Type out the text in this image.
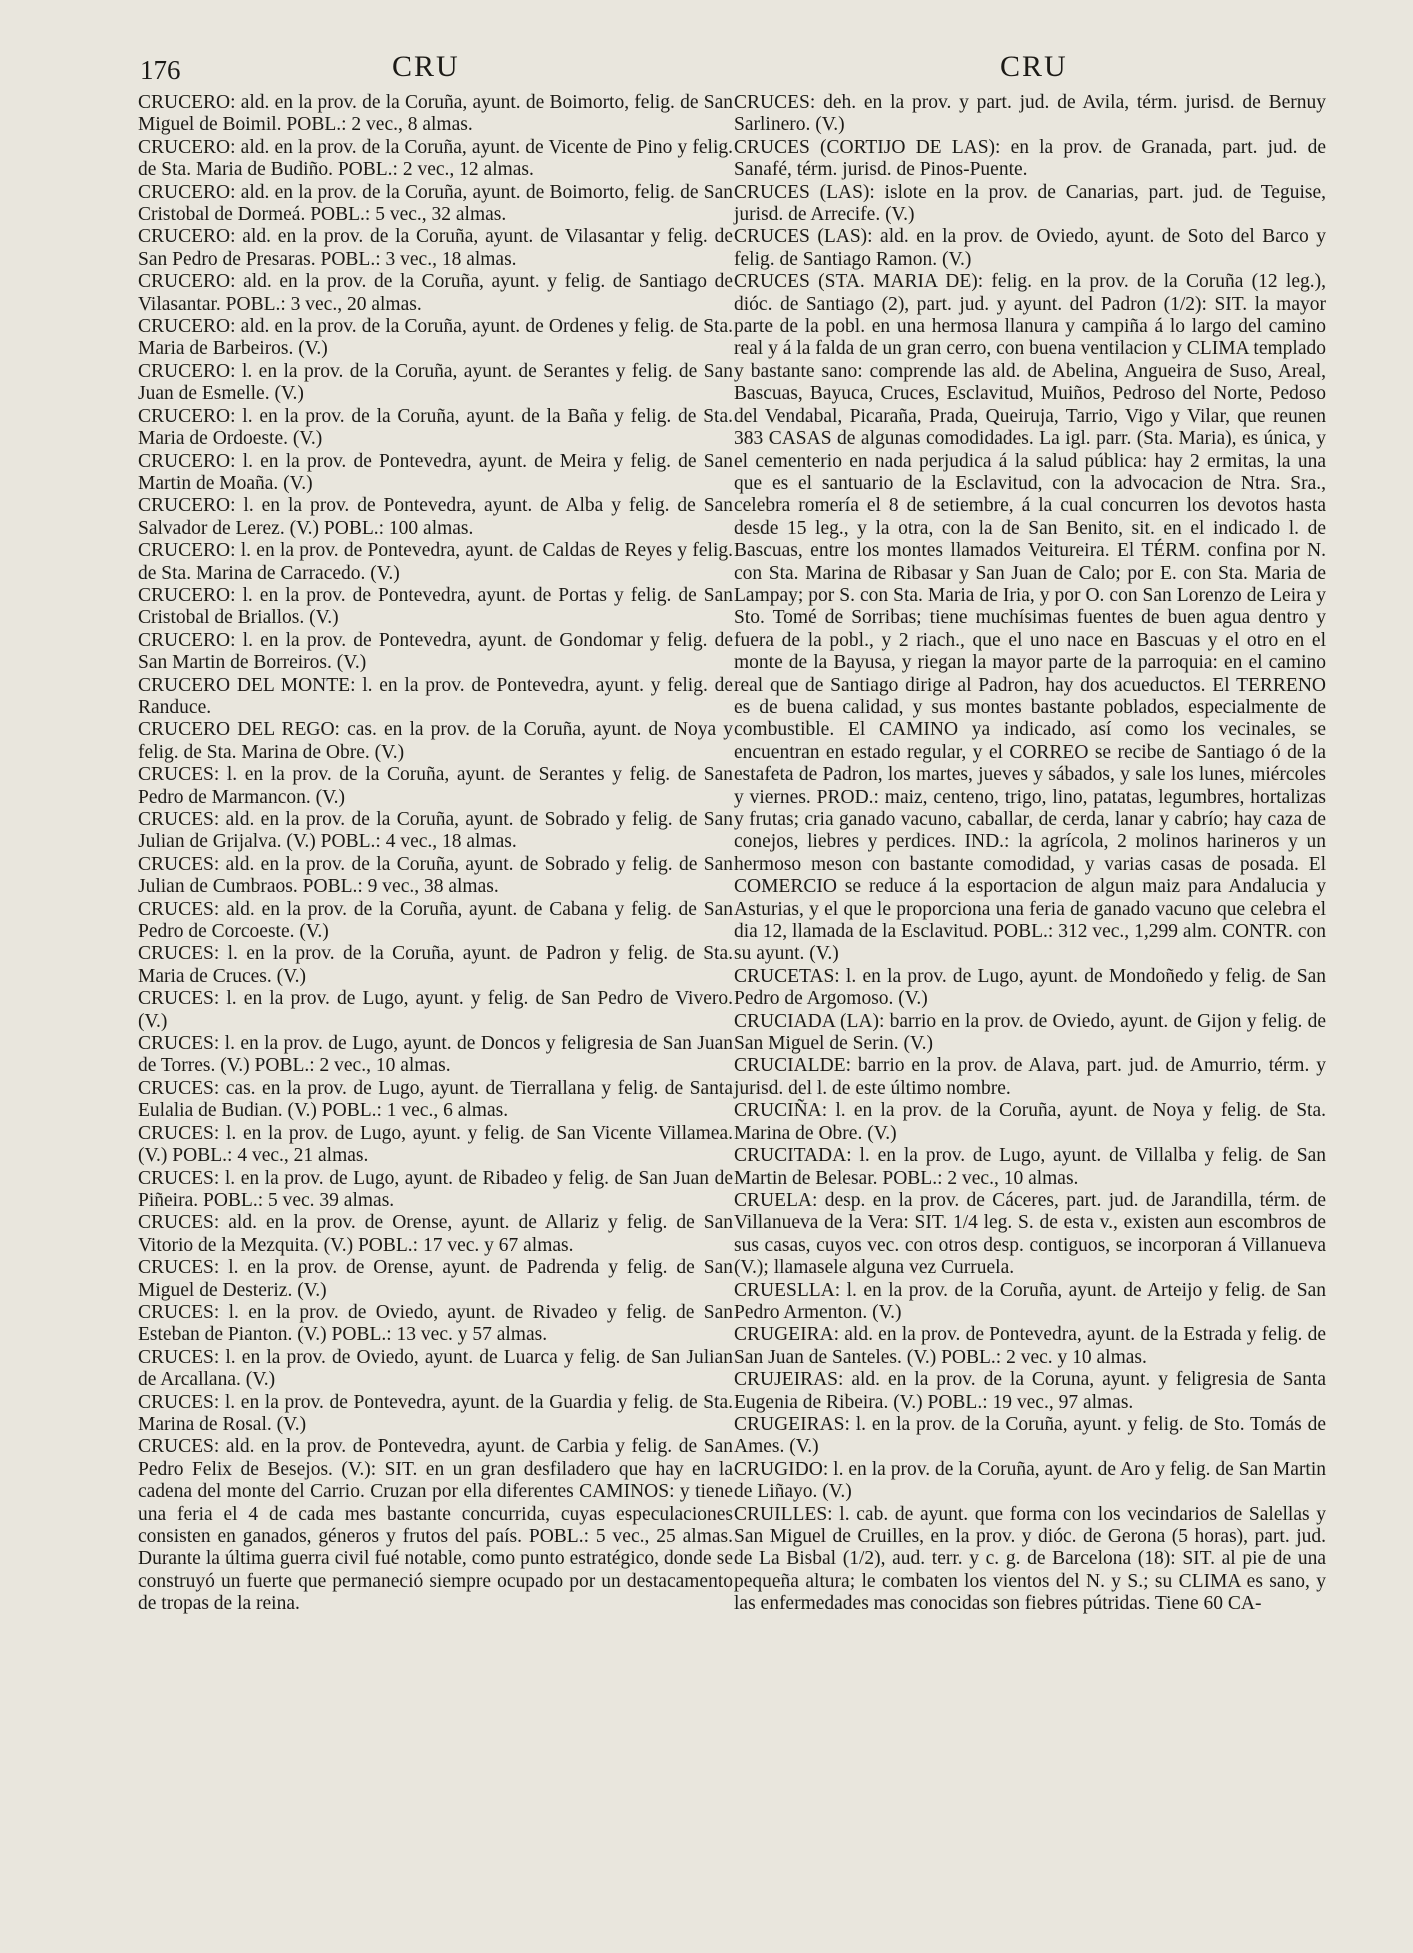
176	CRU	CRU

CRUCERO: ald. en la prov. de la Coruña, ayunt. de Boimorto, felig. de San Miguel de Boimil. POBL.: 2 vec., 8 almas.

CRUCERO: ald. en la prov. de la Coruña, ayunt. de Vicente de Pino y felig. de Sta. Maria de Budiño. POBL.: 2 vec., 12 almas.

CRUCERO: ald. en la prov. de la Coruña, ayunt. de Boimorto, felig. de San Cristobal de Dormeá. POBL.: 5 vec., 32 almas.

CRUCERO: ald. en la prov. de la Coruña, ayunt. de Vilasantar y felig. de San Pedro de Presaras. POBL.: 3 vec., 18 almas.

CRUCERO: ald. en la prov. de la Coruña, ayunt. y felig. de Santiago de Vilasantar. POBL.: 3 vec., 20 almas.

CRUCERO: ald. en la prov. de la Coruña, ayunt. de Ordenes y felig. de Sta. Maria de Barbeiros. (V.)

CRUCERO: l. en la prov. de la Coruña, ayunt. de Serantes y felig. de San Juan de Esmelle. (V.)

CRUCERO: l. en la prov. de la Coruña, ayunt. de la Baña y felig. de Sta. Maria de Ordoeste. (V.)

CRUCERO: l. en la prov. de Pontevedra, ayunt. de Meira y felig. de San Martin de Moaña. (V.)

CRUCERO: l. en la prov. de Pontevedra, ayunt. de Alba y felig. de San Salvador de Lerez. (V.) POBL.: 100 almas.

CRUCERO: l. en la prov. de Pontevedra, ayunt. de Caldas de Reyes y felig. de Sta. Marina de Carracedo. (V.)

CRUCERO: l. en la prov. de Pontevedra, ayunt. de Portas y felig. de San Cristobal de Briallos. (V.)

CRUCERO: l. en la prov. de Pontevedra, ayunt. de Gondomar y felig. de San Martin de Borreiros. (V.)

CRUCERO DEL MONTE: l. en la prov. de Pontevedra, ayunt. y felig. de Randuce.

CRUCERO DEL REGO: cas. en la prov. de la Coruña, ayunt. de Noya y felig. de Sta. Marina de Obre. (V.)

CRUCES: l. en la prov. de la Coruña, ayunt. de Serantes y felig. de San Pedro de Marmancon. (V.)

CRUCES: ald. en la prov. de la Coruña, ayunt. de Sobrado y felig. de San Julian de Grijalva. (V.) POBL.: 4 vec., 18 almas.

CRUCES: ald. en la prov. de la Coruña, ayunt. de Sobrado y felig. de San Julian de Cumbraos. POBL.: 9 vec., 38 almas.

CRUCES: ald. en la prov. de la Coruña, ayunt. de Cabana y felig. de San Pedro de Corcoeste. (V.)

CRUCES: l. en la prov. de la Coruña, ayunt. de Padron y felig. de Sta. Maria de Cruces. (V.)

CRUCES: l. en la prov. de Lugo, ayunt. y felig. de San Pedro de Vivero. (V.)

CRUCES: l. en la prov. de Lugo, ayunt. de Doncos y feligresia de San Juan de Torres. (V.) POBL.: 2 vec., 10 almas.

CRUCES: cas. en la prov. de Lugo, ayunt. de Tierrallana y felig. de Santa Eulalia de Budian. (V.) POBL.: 1 vec., 6 almas.

CRUCES: l. en la prov. de Lugo, ayunt. y felig. de San Vicente Villamea. (V.) POBL.: 4 vec., 21 almas.

CRUCES: l. en la prov. de Lugo, ayunt. de Ribadeo y felig. de San Juan de Piñeira. POBL.: 5 vec. 39 almas.

CRUCES: ald. en la prov. de Orense, ayunt. de Allariz y felig. de San Vitorio de la Mezquita. (V.) POBL.: 17 vec. y 67 almas.

CRUCES: l. en la prov. de Orense, ayunt. de Padrenda y felig. de San Miguel de Desteriz. (V.)

CRUCES: l. en la prov. de Oviedo, ayunt. de Rivadeo y felig. de San Esteban de Pianton. (V.) POBL.: 13 vec. y 57 almas.

CRUCES: l. en la prov. de Oviedo, ayunt. de Luarca y felig. de San Julian de Arcallana. (V.)

CRUCES: l. en la prov. de Pontevedra, ayunt. de la Guardia y felig. de Sta. Marina de Rosal. (V.)

CRUCES: ald. en la prov. de Pontevedra, ayunt. de Carbia y felig. de San Pedro Felix de Besejos. (V.): SIT. en un gran desfiladero que hay en la cadena del monte del Carrio. Cruzan por ella diferentes CAMINOS: y tiene una feria el 4 de cada mes bastante concurrida, cuyas especulaciones consisten en ganados, géneros y frutos del país. POBL.: 5 vec., 25 almas. Durante la última guerra civil fué notable, como punto estratégico, donde se construyó un fuerte que permaneció siempre ocupado por un destacamento de tropas de la reina.

CRUCES: deh. en la prov. y part. jud. de Avila, térm. jurisd. de Bernuy Sarlinero. (V.)

CRUCES (CORTIJO DE LAS): en la prov. de Granada, part. jud. de Sanafé, térm. jurisd. de Pinos-Puente.

CRUCES (LAS): islote en la prov. de Canarias, part. jud. de Teguise, jurisd. de Arrecife. (V.)

CRUCES (LAS): ald. en la prov. de Oviedo, ayunt. de Soto del Barco y felig. de Santiago Ramon. (V.)

CRUCES (STA. MARIA DE): felig. en la prov. de la Coruña (12 leg.), dióc. de Santiago (2), part. jud. y ayunt. del Padron (1/2): SIT. la mayor parte de la pobl. en una hermosa llanura y campiña á lo largo del camino real y á la falda de un gran cerro, con buena ventilacion y CLIMA templado y bastante sano: comprende las ald. de Abelina, Angueira de Suso, Areal, Bascuas, Bayuca, Cruces, Esclavitud, Muiños, Pedroso del Norte, Pedoso del Vendabal, Picaraña, Prada, Queiruja, Tarrio, Vigo y Vilar, que reunen 383 CASAS de algunas comodidades. La igl. parr. (Sta. Maria), es única, y el cementerio en nada perjudica á la salud pública: hay 2 ermitas, la una que es el santuario de la Esclavitud, con la advocacion de Ntra. Sra., celebra romería el 8 de setiembre, á la cual concurren los devotos hasta desde 15 leg., y la otra, con la de San Benito, sit. en el indicado l. de Bascuas, entre los montes llamados Veitureira. El TÉRM. confina por N. con Sta. Marina de Ribasar y San Juan de Calo; por E. con Sta. Maria de Lampay; por S. con Sta. Maria de Iria, y por O. con San Lorenzo de Leira y Sto. Tomé de Sorribas; tiene muchísimas fuentes de buen agua dentro y fuera de la pobl., y 2 riach., que el uno nace en Bascuas y el otro en el monte de la Bayusa, y riegan la mayor parte de la parroquia: en el camino real que de Santiago dirige al Padron, hay dos acueductos. El TERRENO es de buena calidad, y sus montes bastante poblados, especialmente de combustible. El CAMINO ya indicado, así como los vecinales, se encuentran en estado regular, y el CORREO se recibe de Santiago ó de la estafeta de Padron, los martes, jueves y sábados, y sale los lunes, miércoles y viernes. PROD.: maiz, centeno, trigo, lino, patatas, legumbres, hortalizas y frutas; cria ganado vacuno, caballar, de cerda, lanar y cabrío; hay caza de conejos, liebres y perdices. IND.: la agrícola, 2 molinos harineros y un hermoso meson con bastante comodidad, y varias casas de posada. El COMERCIO se reduce á la esportacion de algun maiz para Andalucia y Asturias, y el que le proporciona una feria de ganado vacuno que celebra el dia 12, llamada de la Esclavitud. POBL.: 312 vec., 1,299 alm. CONTR. con su ayunt. (V.)

CRUCETAS: l. en la prov. de Lugo, ayunt. de Mondoñedo y felig. de San Pedro de Argomoso. (V.)

CRUCIADA (LA): barrio en la prov. de Oviedo, ayunt. de Gijon y felig. de San Miguel de Serin. (V.)

CRUCIALDE: barrio en la prov. de Alava, part. jud. de Amurrio, térm. y jurisd. del l. de este último nombre.

CRUCIÑA: l. en la prov. de la Coruña, ayunt. de Noya y felig. de Sta. Marina de Obre. (V.)

CRUCITADA: l. en la prov. de Lugo, ayunt. de Villalba y felig. de San Martin de Belesar. POBL.: 2 vec., 10 almas.

CRUELA: desp. en la prov. de Cáceres, part. jud. de Jarandilla, térm. de Villanueva de la Vera: SIT. 1/4 leg. S. de esta v., existen aun escombros de sus casas, cuyos vec. con otros desp. contiguos, se incorporan á Villanueva (V.); llamasele alguna vez Curruela.

CRUESLLA: l. en la prov. de la Coruña, ayunt. de Arteijo y felig. de San Pedro Armenton. (V.)

CRUGEIRA: ald. en la prov. de Pontevedra, ayunt. de la Estrada y felig. de San Juan de Santeles. (V.) POBL.: 2 vec. y 10 almas.

CRUJEIRAS: ald. en la prov. de la Coruna, ayunt. y feligresia de Santa Eugenia de Ribeira. (V.) POBL.: 19 vec., 97 almas.

CRUGEIRAS: l. en la prov. de la Coruña, ayunt. y felig. de Sto. Tomás de Ames. (V.)

CRUGIDO: l. en la prov. de la Coruña, ayunt. de Aro y felig. de San Martin de Liñayo. (V.)

CRUILLES: l. cab. de ayunt. que forma con los vecindarios de Salellas y San Miguel de Cruilles, en la prov. y dióc. de Gerona (5 horas), part. jud. de La Bisbal (1/2), aud. terr. y c. g. de Barcelona (18): SIT. al pie de una pequeña altura; le combaten los vientos del N. y S.; su CLIMA es sano, y las enfermedades mas conocidas son fiebres pútridas. Tiene 60 CA-
